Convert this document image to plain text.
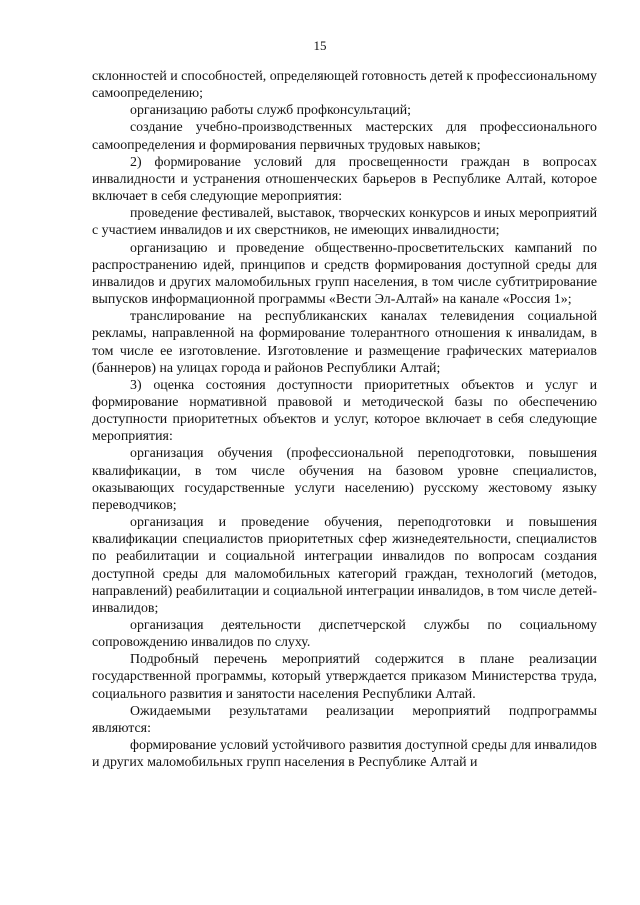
15

склонностей и способностей, определяющей готовность детей к профессиональному самоопределению;

организацию работы служб профконсультаций;

создание учебно-производственных мастерских для профессионального самоопределения и формирования первичных трудовых навыков;

2) формирование условий для просвещенности граждан в вопросах инвалидности и устранения отношенческих барьеров в Республике Алтай, которое включает в себя следующие мероприятия:

проведение фестивалей, выставок, творческих конкурсов и иных мероприятий с участием инвалидов и их сверстников, не имеющих инвалидности;

организацию и проведение общественно-просветительских кампаний по распространению идей, принципов и средств формирования доступной среды для инвалидов и других маломобильных групп населения, в том числе субтитрирование выпусков информационной программы «Вести Эл-Алтай» на канале «Россия 1»;

транслирование на республиканских каналах телевидения социальной рекламы, направленной на формирование толерантного отношения к инвалидам, в том числе ее изготовление. Изготовление и размещение графических материалов (баннеров) на улицах города и районов Республики Алтай;

3) оценка состояния доступности приоритетных объектов и услуг и формирование нормативной правовой и методической базы по обеспечению доступности приоритетных объектов и услуг, которое включает в себя следующие мероприятия:

организация обучения (профессиональной переподготовки, повышения квалификации, в том числе обучения на базовом уровне специалистов, оказывающих государственные услуги населению) русскому жестовому языку переводчиков;

организация и проведение обучения, переподготовки и повышения квалификации специалистов приоритетных сфер жизнедеятельности, специалистов по реабилитации и социальной интеграции инвалидов по вопросам создания доступной среды для маломобильных категорий граждан, технологий (методов, направлений) реабилитации и социальной интеграции инвалидов, в том числе детей-инвалидов;

организация деятельности диспетчерской службы по социальному сопровождению инвалидов по слуху.

Подробный перечень мероприятий содержится в плане реализации государственной программы, который утверждается приказом Министерства труда, социального развития и занятости населения Республики Алтай.

Ожидаемыми результатами реализации мероприятий подпрограммы являются:

формирование условий устойчивого развития доступной среды для инвалидов и других маломобильных групп населения в Республике Алтай и
